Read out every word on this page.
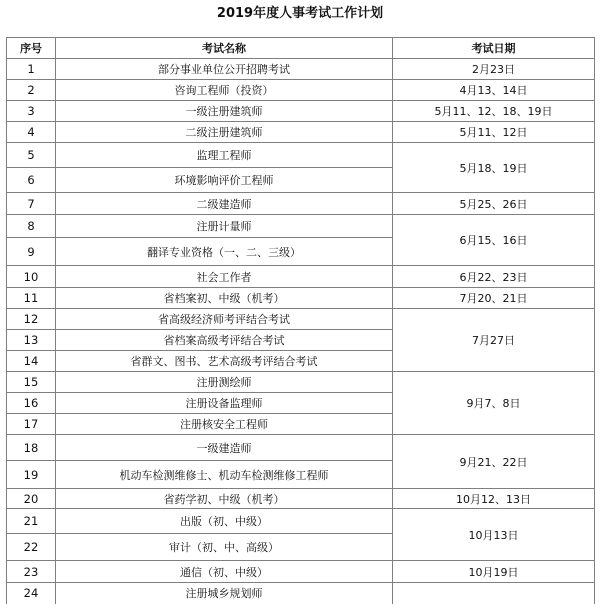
2019年度人事考试工作计划
序号	考试名称	考试日期
1	部分事业单位公开招聘考试	2月23日
2	咨询工程师（投资）	4月13、14日
3	一级注册建筑师	5月11、12、18、19日
4	二级注册建筑师	5月11、12日
5	监理工程师	5月18、19日
6	环境影响评价工程师	
7	二级建造师	5月25、26日
8	注册计量师	6月15、16日
9	翻译专业资格（一、二、三级）	
10	社会工作者	6月22、23日
11	省档案初、中级（机考）	7月20、21日
12	省高级经济师考评结合考试	7月27日
13	省档案高级考评结合考试	
14	省群文、图书、艺术高级考评结合考试	
15	注册测绘师	9月7、8日
16	注册设备监理师	
17	注册核安全工程师	
18	一级建造师	9月21、22日
19	机动车检测维修士、机动车检测维修工程师	
20	省药学初、中级（机考）	10月12、13日
21	出版（初、中级）	10月13日
22	审计（初、中、高级）	
23	通信（初、中级）	10月19日
24	注册城乡规划师	
